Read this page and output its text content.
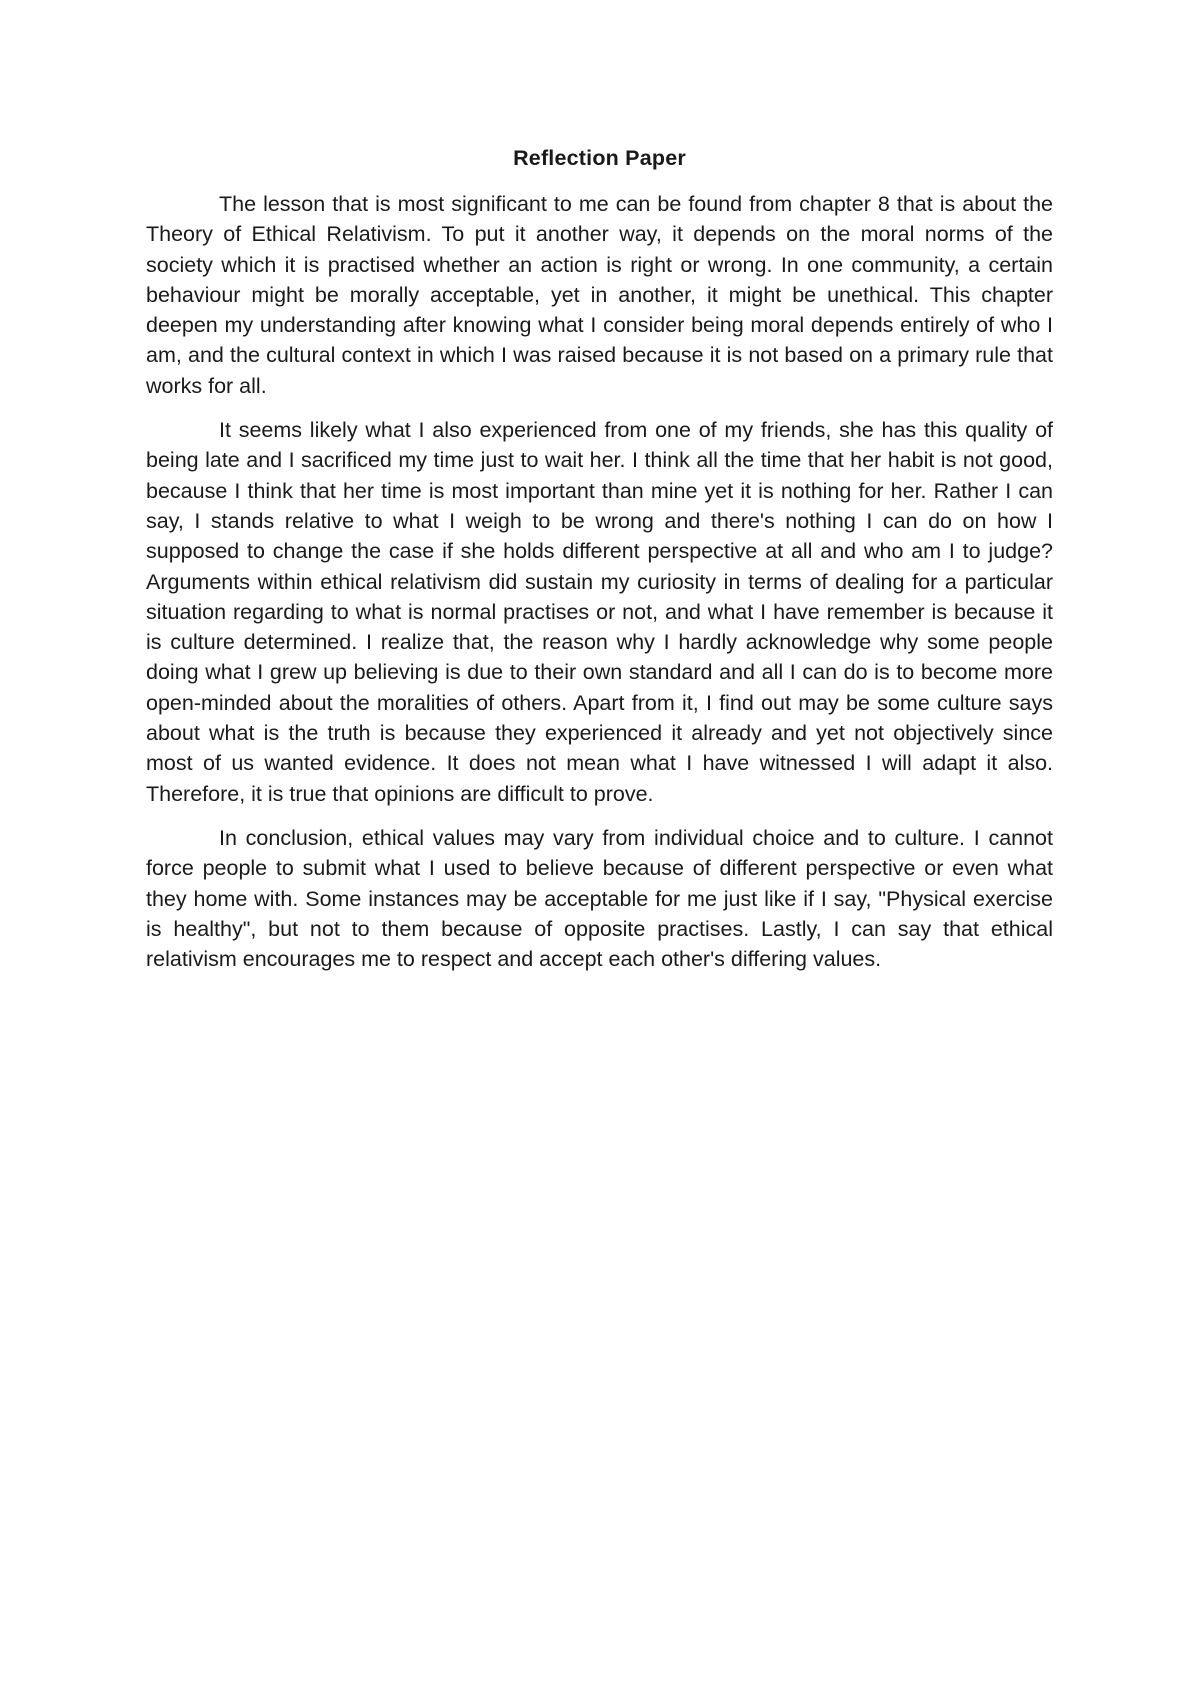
Reflection Paper

The lesson that is most significant to me can be found from chapter 8 that is about the Theory of Ethical Relativism. To put it another way, it depends on the moral norms of the society which it is practised whether an action is right or wrong. In one community, a certain behaviour might be morally acceptable, yet in another, it might be unethical. This chapter deepen my understanding after knowing what I consider being moral depends entirely of who I am, and the cultural context in which I was raised because it is not based on a primary rule that works for all.

It seems likely what I also experienced from one of my friends, she has this quality of being late and I sacrificed my time just to wait her. I think all the time that her habit is not good, because I think that her time is most important than mine yet it is nothing for her. Rather I can say, I stands relative to what I weigh to be wrong and there's nothing I can do on how I supposed to change the case if she holds different perspective at all and who am I to judge? Arguments within ethical relativism did sustain my curiosity in terms of dealing for a particular situation regarding to what is normal practises or not, and what I have remember is because it is culture determined. I realize that, the reason why I hardly acknowledge why some people doing what I grew up believing is due to their own standard and all I can do is to become more open-minded about the moralities of others. Apart from it, I find out may be some culture says about what is the truth is because they experienced it already and yet not objectively since most of us wanted evidence. It does not mean what I have witnessed I will adapt it also. Therefore, it is true that opinions are difficult to prove.

In conclusion, ethical values may vary from individual choice and to culture. I cannot force people to submit what I used to believe because of different perspective or even what they home with. Some instances may be acceptable for me just like if I say, "Physical exercise is healthy", but not to them because of opposite practises. Lastly, I can say that ethical relativism encourages me to respect and accept each other's differing values.
